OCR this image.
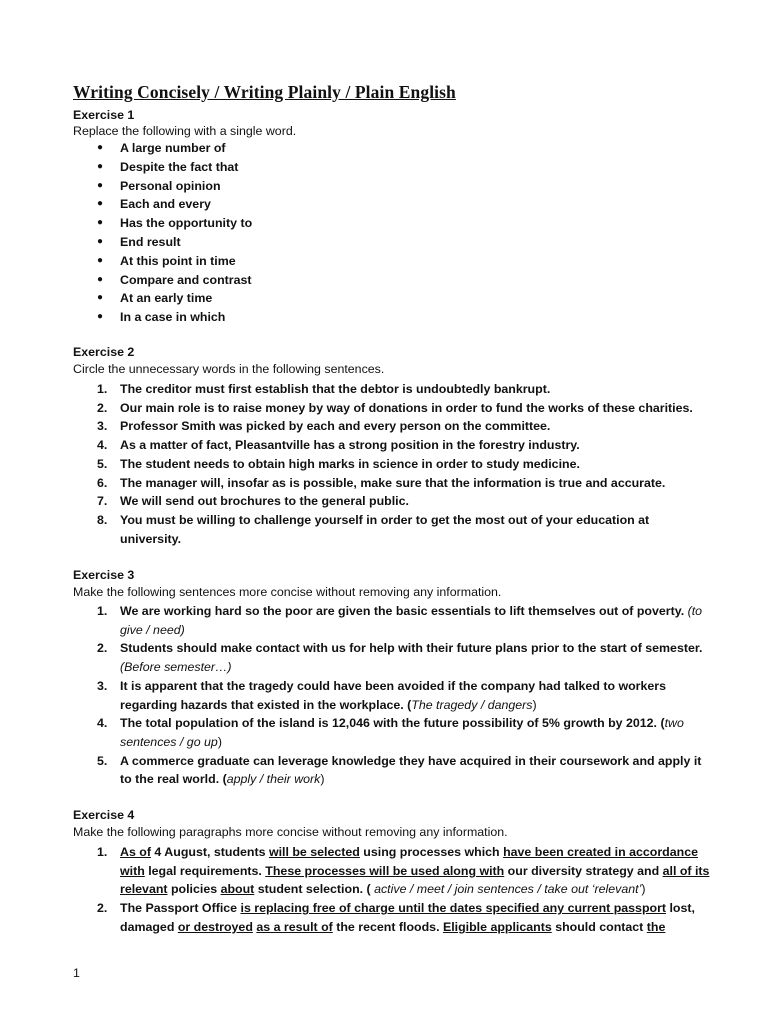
Writing Concisely / Writing Plainly / Plain English
Exercise 1
Replace the following with a single word.
● A large number of
● Despite the fact that
● Personal opinion
● Each and every
● Has the opportunity to
● End result
● At this point in time
● Compare and contrast
● At an early time
● In a case in which
Exercise 2
Circle the unnecessary words in the following sentences.
1. The creditor must first establish that the debtor is undoubtedly bankrupt.
2. Our main role is to raise money by way of donations in order to fund the works of these charities.
3. Professor Smith was picked by each and every person on the committee.
4. As a matter of fact, Pleasantville has a strong position in the forestry industry.
5. The student needs to obtain high marks in science in order to study medicine.
6. The manager will, insofar as is possible, make sure that the information is true and accurate.
7. We will send out brochures to the general public.
8. You must be willing to challenge yourself in order to get the most out of your education at
university.
Exercise 3
Make the following sentences more concise without removing any information.
1. We are working hard so the poor are given the basic essentials to lift themselves out of poverty. (to
give / need)
2. Students should make contact with us for help with their future plans prior to the start of semester.
(Before semester…)
3. It is apparent that the tragedy could have been avoided if the company had talked to workers
regarding hazards that existed in the workplace. (The tragedy / dangers)
4. The total population of the island is 12,046 with the future possibility of 5% growth by 2012. (two
sentences / go up)
5. A commerce graduate can leverage knowledge they have acquired in their coursework and apply it
to the real world. (apply / their work)
Exercise 4
Make the following paragraphs more concise without removing any information.
1. As of 4 August, students will be selected using processes which have been created in accordance
with legal requirements. These processes will be used along with our diversity strategy and all of its
relevant policies about student selection. ( active / meet / join sentences / take out ‘relevant’)
2. The Passport Office is replacing free of charge until the dates specified any current passport lost,
damaged or destroyed as a result of the recent floods. Eligible applicants should contact the
1
